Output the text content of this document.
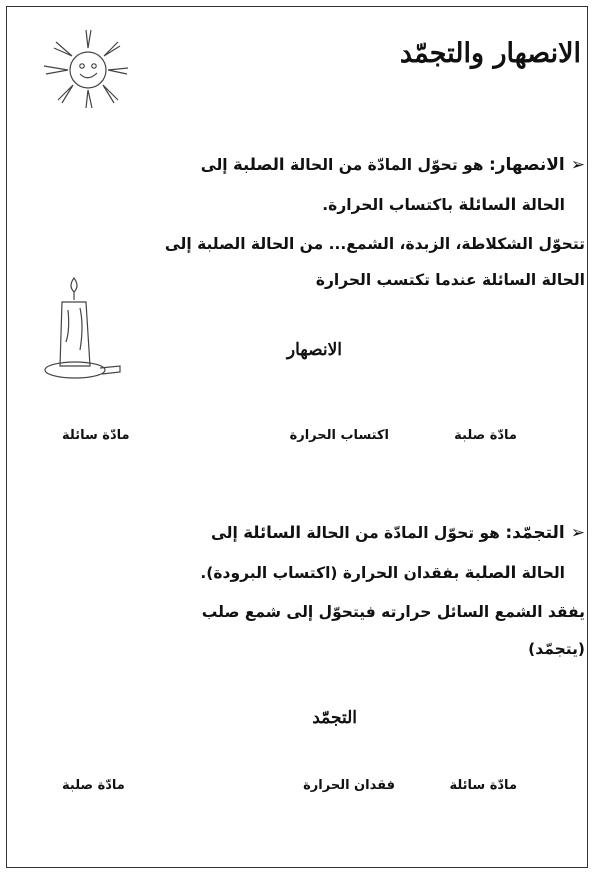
الانصهار والتجمّد
➢الانصهار: هو تحوّل المادّة من الحالة الصلبة إلى
الحالة السائلة باكتساب الحرارة.
تتحوّل الشكلاطة، الزبدة، الشمع... من الحالة الصلبة إلى
الحالة السائلة عندما تكتسب الحرارة
الانصهار
مادّة صلبة
اكتساب الحرارة
مادّة سائلة
➢التجمّد: هو تحوّل المادّة من الحالة السائلة إلى
الحالة الصلبة بفقدان الحرارة (اكتساب البرودة).
يفقد الشمع السائل حرارته فيتحوّل إلى شمع صلب
(يتجمّد)
التجمّد
مادّة سائلة
فقدان الحرارة
مادّة صلبة
